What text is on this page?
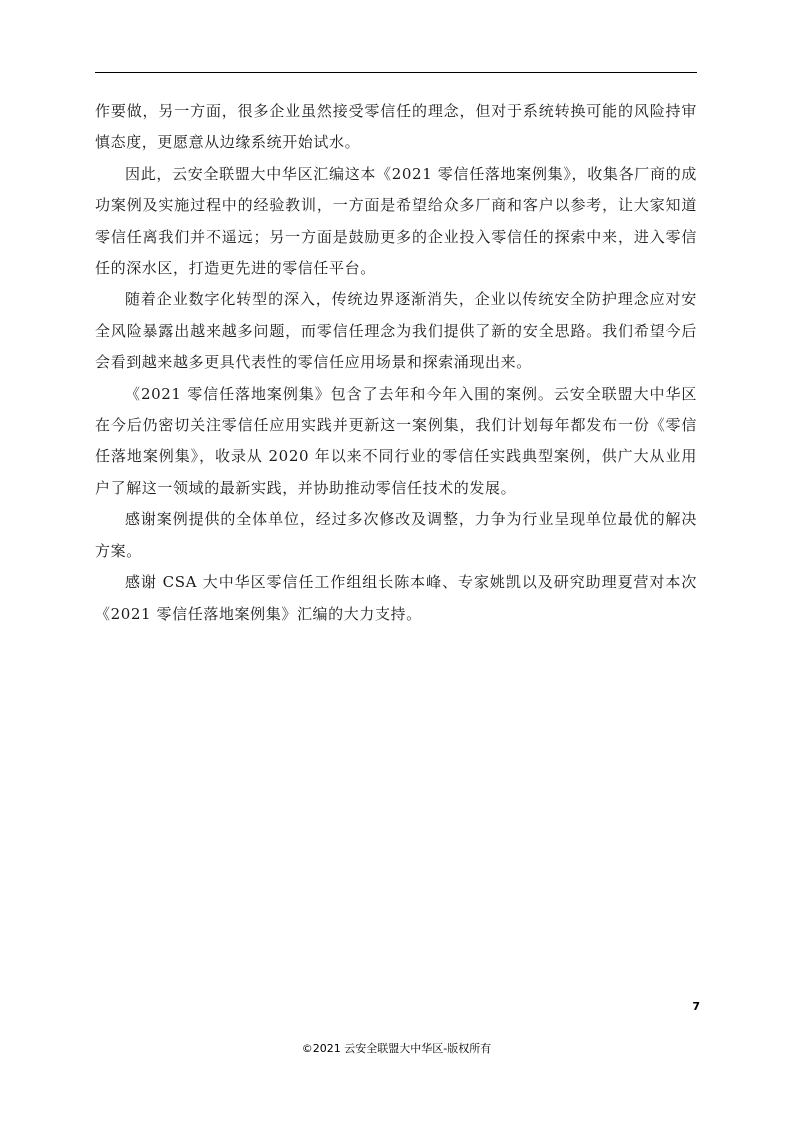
作要做，另一方面，很多企业虽然接受零信任的理念，但对于系统转换可能的风险持审慎态度，更愿意从边缘系统开始试水。

因此，云安全联盟大中华区汇编这本《2021 零信任落地案例集》，收集各厂商的成功案例及实施过程中的经验教训，一方面是希望给众多厂商和客户以参考，让大家知道零信任离我们并不遥远；另一方面是鼓励更多的企业投入零信任的探索中来，进入零信任的深水区，打造更先进的零信任平台。

随着企业数字化转型的深入，传统边界逐渐消失，企业以传统安全防护理念应对安全风险暴露出越来越多问题，而零信任理念为我们提供了新的安全思路。我们希望今后会看到越来越多更具代表性的零信任应用场景和探索涌现出来。

《2021 零信任落地案例集》包含了去年和今年入围的案例。云安全联盟大中华区在今后仍密切关注零信任应用实践并更新这一案例集，我们计划每年都发布一份《零信任落地案例集》，收录从 2020 年以来不同行业的零信任实践典型案例，供广大从业用户了解这一领域的最新实践，并协助推动零信任技术的发展。

感谢案例提供的全体单位，经过多次修改及调整，力争为行业呈现单位最优的解决方案。

感谢 CSA 大中华区零信任工作组组长陈本峰、专家姚凯以及研究助理夏营对本次《2021 零信任落地案例集》汇编的大力支持。

7
©2021 云安全联盟大中华区-版权所有
